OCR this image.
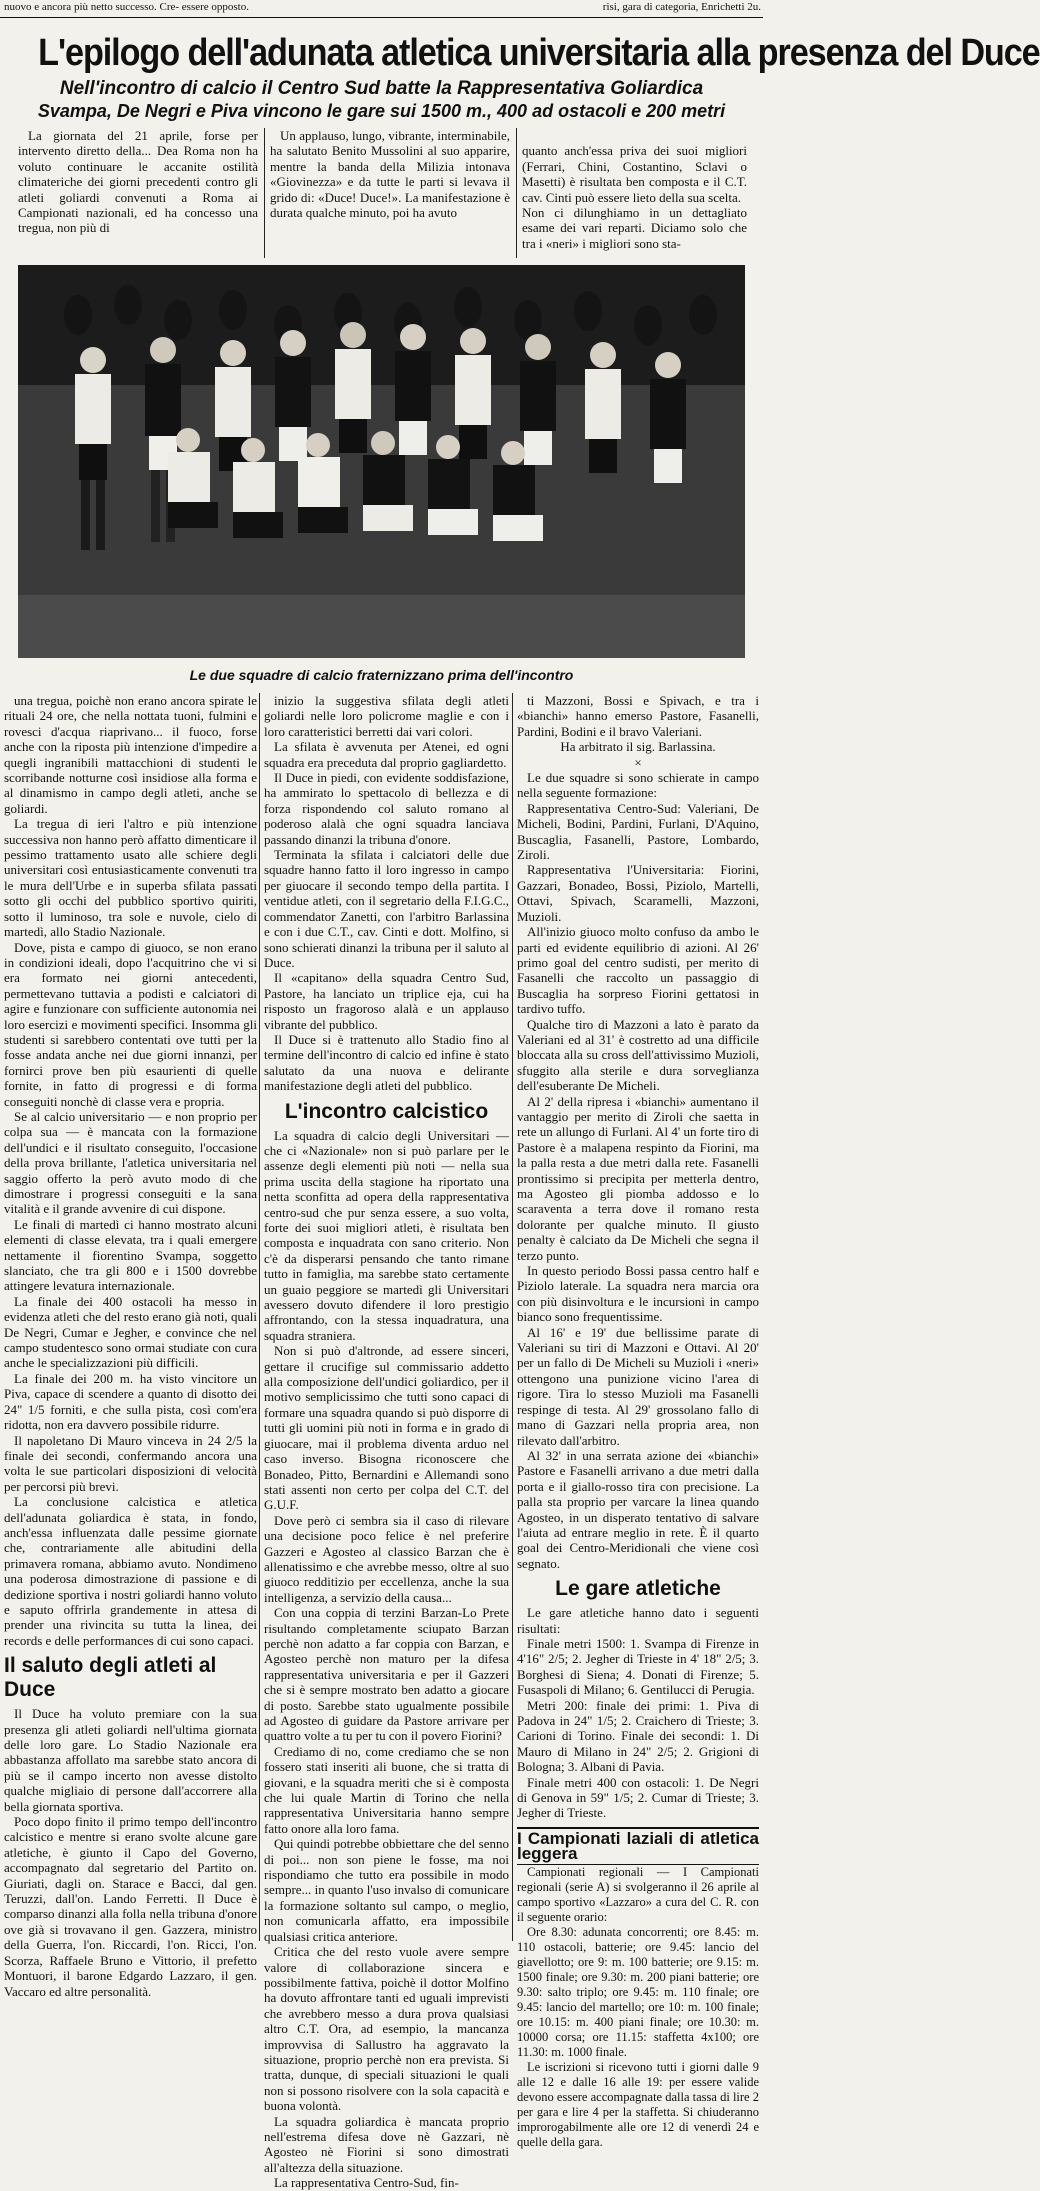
nuovo e ancora più netto successo. Cre- essere opposto.	risi, gara di categoria, Enrichetti 2u.
L'epilogo dell'adunata atletica universitaria alla presenza del Duce
Nell'incontro di calcio il Centro Sud batte la Rappresentativa Goliardica
Svampa, De Negri e Piva vincono le gare sui 1500 m., 400 ad ostacoli e 200 metri

La giornata del 21 aprile, forse per intervento diretto della... Dea Roma non ha voluto continuare le accanite ostilità climateriche dei giorni precedenti contro gli atleti goliardi convenuti a Roma ai Campionati nazionali, ed ha concesso una tregua, non più di

Un applauso, lungo, vibrante, interminabile, ha salutato Benito Mussolini al suo apparire, mentre la banda della Milizia intonava «Giovinezza» e da tutte le parti si levava il grido di: «Duce! Duce!». La manifestazione è durata qualche minuto, poi ha avuto

quanto anch'essa priva dei suoi migliori (Ferrari, Chini, Costantino, Sclavi o Masetti) è risultata ben composta e il C.T. cav. Cinti può essere lieto della sua scelta.
Non ci dilunghiamo in un dettagliato esame dei vari reparti. Diciamo solo che tra i «neri» i migliori sono sta-

Le due squadre di calcio fraternizzano prima dell'incontro

una tregua, poichè non erano ancora spirate le rituali 24 ore, che nella nottata tuoni, fulmini e rovesci d'acqua riaprivano... il fuoco, forse anche con la riposta più intenzione d'impedire a quegli ingranibili mattacchioni di studenti le scorribande notturne così insidiose alla forma e al dinamismo in campo degli atleti, anche se goliardi.

La tregua di ieri l'altro e più intenzione successiva non hanno però affatto dimenticare il pessimo trattamento usato alle schiere degli universitari così entusiasticamente convenuti tra le mura dell'Urbe e in superba sfilata passati sotto gli occhi del pubblico sportivo quiriti, sotto il luminoso, tra sole e nuvole, cielo di martedì, allo Stadio Nazionale.

Dove, pista e campo di giuoco, se non erano in condizioni ideali, dopo l'acquitrino che vi si era formato nei giorni antecedenti, permettevano tuttavia a podisti e calciatori di agire e funzionare con sufficiente autonomia nei loro esercizi e movimenti specifici. Insomma gli studenti si sarebbero contentati ove tutti per la fosse andata anche nei due giorni innanzi, per fornirci prove ben più esaurienti di quelle fornite, in fatto di progressi e di forma conseguiti nonchè di classe vera e propria.

Se al calcio universitario — e non proprio per colpa sua — è mancata con la formazione dell'undici e il risultato conseguito, l'occasione della prova brillante, l'atletica universitaria nel saggio offerto la però avuto modo di che dimostrare i progressi conseguiti e la sana vitalità e il grande avvenire di cui dispone.

Le finali di martedì ci hanno mostrato alcuni elementi di classe elevata, tra i quali emergere nettamente il fiorentino Svampa, soggetto slanciato, che tra gli 800 e i 1500 dovrebbe attingere levatura internazionale.

La finale dei 400 ostacoli ha messo in evidenza atleti che del resto erano già noti, quali De Negri, Cumar e Jegher, e convince che nel campo studentesco sono ormai studiate con cura anche le specializzazioni più difficili.

La finale dei 200 m. ha visto vincitore un Piva, capace di scendere a quanto di disotto dei 24" 1/5 forniti, e che sulla pista, così com'era ridotta, non era davvero possibile ridurre.

Il napoletano Di Mauro vinceva in 24 2/5 la finale dei secondi, confermando ancora una volta le sue particolari disposizioni di velocità per percorsi più brevi.

La conclusione calcistica e atletica dell'adunata goliardica è stata, in fondo, anch'essa influenzata dalle pessime giornate che, contrariamente alle abitudini della primavera romana, abbiamo avuto. Nondimeno una poderosa dimostrazione di passione e di dedizione sportiva i nostri goliardi hanno voluto e saputo offrirla grandemente in attesa di prender una rivincita su tutta la linea, dei records e delle performances di cui sono capaci.

Il saluto degli atleti al Duce

Il Duce ha voluto premiare con la sua presenza gli atleti goliardi nell'ultima giornata delle loro gare. Lo Stadio Nazionale era abbastanza affollato ma sarebbe stato ancora di più se il campo incerto non avesse distolto qualche migliaio di persone dall'accorrere alla bella giornata sportiva.

Poco dopo finito il primo tempo dell'incontro calcistico e mentre si erano svolte alcune gare atletiche, è giunto il Capo del Governo, accompagnato dal segretario del Partito on. Giuriati, dagli on. Starace e Bacci, dal gen. Teruzzi, dall'on. Lando Ferretti. Il Duce è comparso dinanzi alla folla nella tribuna d'onore ove già si trovavano il gen. Gazzera, ministro della Guerra, l'on. Riccardi, l'on. Ricci, l'on. Scorza, Raffaele Bruno e Vittorio, il prefetto Montuori, il barone Edgardo Lazzaro, il gen. Vaccaro ed altre personalità.

inizio la suggestiva sfilata degli atleti goliardi nelle loro policrome maglie e con i loro caratteristici berretti dai vari colori.

La sfilata è avvenuta per Atenei, ed ogni squadra era preceduta dal proprio gagliardetto.

Il Duce in piedi, con evidente soddisfazione, ha ammirato lo spettacolo di bellezza e di forza rispondendo col saluto romano al poderoso alalà che ogni squadra lanciava passando dinanzi la tribuna d'onore.

Terminata la sfilata i calciatori delle due squadre hanno fatto il loro ingresso in campo per giuocare il secondo tempo della partita. I ventidue atleti, con il segretario della F.I.G.C., commendator Zanetti, con l'arbitro Barlassina e con i due C.T., cav. Cinti e dott. Molfino, si sono schierati dinanzi la tribuna per il saluto al Duce.

Il «capitano» della squadra Centro Sud, Pastore, ha lanciato un triplice eja, cui ha risposto un fragoroso alalà e un applauso vibrante del pubblico.

Il Duce si è trattenuto allo Stadio fino al termine dell'incontro di calcio ed infine è stato salutato da una nuova e delirante manifestazione degli atleti del pubblico.

L'incontro calcistico

La squadra di calcio degli Universitari — che ci «Nazionale» non si può parlare per le assenze degli elementi più noti — nella sua prima uscita della stagione ha riportato una netta sconfitta ad opera della rappresentativa centro-sud che pur senza essere, a suo volta, forte dei suoi migliori atleti, è risultata ben composta e inquadrata con sano criterio. Non c'è da disperarsi pensando che tanto rimane tutto in famiglia, ma sarebbe stato certamente un guaio peggiore se martedì gli Universitari avessero dovuto difendere il loro prestigio affrontando, con la stessa inquadratura, una squadra straniera.

Non si può d'altronde, ad essere sinceri, gettare il crucifige sul commissario addetto alla composizione dell'undici goliardico, per il motivo semplicissimo che tutti sono capaci di formare una squadra quando si può disporre di tutti gli uomini più noti in forma e in grado di giuocare, mai il problema diventa arduo nel caso inverso. Bisogna riconoscere che Bonadeo, Pitto, Bernardini e Allemandi sono stati assenti non certo per colpa del C.T. del G.U.F.

Dove però ci sembra sia il caso di rilevare una decisione poco felice è nel preferire Gazzeri e Agosteo al classico Barzan che è allenatissimo e che avrebbe messo, oltre al suo giuoco redditizio per eccellenza, anche la sua intelligenza, a servizio della causa...

Con una coppia di terzini Barzan-Lo Prete risultando completamente sciupato Barzan perchè non adatto a far coppia con Barzan, e Agosteo perchè non maturo per la difesa rappresentativa universitaria e per il Gazzeri che si è sempre mostrato ben adatto a giocare di posto. Sarebbe stato ugualmente possibile ad Agosteo di guidare da Pastore arrivare per quattro volte a tu per tu con il povero Fiorini?

Crediamo di no, come crediamo che se non fossero stati inseriti ali buone, che si tratta di giovani, e la squadra meriti che si è composta che lui quale Martin di Torino che nella rappresentativa Universitaria hanno sempre fatto onore alla loro fama.

Qui quindi potrebbe obbiettare che del senno di poi... non son piene le fosse, ma noi rispondiamo che tutto era possibile in modo sempre... in quanto l'uso invalso di comunicare la formazione soltanto sul campo, o meglio, non comunicarla affatto, era impossibile qualsiasi critica anteriore.

Critica che del resto vuole avere sempre valore di collaborazione sincera e possibilmente fattiva, poichè il dottor Molfino ha dovuto affrontare tanti ed uguali imprevisti che avrebbero messo a dura prova qualsiasi altro C.T. Ora, ad esempio, la mancanza improvvisa di Sallustro ha aggravato la situazione, proprio perchè non era prevista. Si tratta, dunque, di speciali situazioni le quali non si possono risolvere con la sola capacità e buona volontà.

La squadra goliardica è mancata proprio nell'estrema difesa dove nè Gazzari, nè Agosteo nè Fiorini si sono dimostrati all'altezza della situazione.

La rappresentativa Centro-Sud, fin-

ti Mazzoni, Bossi e Spivach, e tra i «bianchi» hanno emerso Pastore, Fasanelli, Pardini, Bodini e il bravo Valeriani.

Ha arbitrato il sig. Barlassina.

×

Le due squadre si sono schierate in campo nella seguente formazione:

Rappresentativa Centro-Sud: Valeriani, De Micheli, Bodini, Pardini, Furlani, D'Aquino, Buscaglia, Fasanelli, Pastore, Lombardo, Ziroli.

Rappresentativa l'Universitaria: Fiorini, Gazzari, Bonadeo, Bossi, Piziolo, Martelli, Ottavi, Spivach, Scaramelli, Mazzoni, Muzioli.

All'inizio giuoco molto confuso da ambo le parti ed evidente equilibrio di azioni. Al 26' primo goal del centro sudisti, per merito di Fasanelli che raccolto un passaggio di Buscaglia ha sorpreso Fiorini gettatosi in tardivo tuffo.

Qualche tiro di Mazzoni a lato è parato da Valeriani ed al 31' è costretto ad una difficile bloccata alla su cross dell'attivissimo Muzioli, sfuggito alla sterile e dura sorveglianza dell'esuberante De Micheli.

Al 2' della ripresa i «bianchi» aumentano il vantaggio per merito di Ziroli che saetta in rete un allungo di Furlani. Al 4' un forte tiro di Pastore è a malapena respinto da Fiorini, ma la palla resta a due metri dalla rete. Fasanelli prontissimo si precipita per metterla dentro, ma Agosteo gli piomba addosso e lo scaraventa a terra dove il romano resta dolorante per qualche minuto. Il giusto penalty è calciato da De Micheli che segna il terzo punto.

In questo periodo Bossi passa centro half e Piziolo laterale. La squadra nera marcia ora con più disinvoltura e le incursioni in campo bianco sono frequentissime.

Al 16' e 19' due bellissime parate di Valeriani su tiri di Mazzoni e Ottavi. Al 20' per un fallo di De Micheli su Muzioli i «neri» ottengono una punizione vicino l'area di rigore. Tira lo stesso Muzioli ma Fasanelli respinge di testa. Al 29' grossolano fallo di mano di Gazzari nella propria area, non rilevato dall'arbitro.

Al 32' in una serrata azione dei «bianchi» Pastore e Fasanelli arrivano a due metri dalla porta e il giallo-rosso tira con precisione. La palla sta proprio per varcare la linea quando Agosteo, in un disperato tentativo di salvare l'aiuta ad entrare meglio in rete. È il quarto goal dei Centro-Meridionali che viene così segnato.

Le gare atletiche

Le gare atletiche hanno dato i seguenti risultati:

Finale metri 1500: 1. Svampa di Firenze in 4'16" 2/5; 2. Jegher di Trieste in 4' 18" 2/5; 3. Borghesi di Siena; 4. Donati di Firenze; 5. Fusaspoli di Milano; 6. Gentilucci di Perugia.

Metri 200: finale dei primi: 1. Piva di Padova in 24" 1/5; 2. Craichero di Trieste; 3. Carioni di Torino. Finale dei secondi: 1. Di Mauro di Milano in 24" 2/5; 2. Grigioni di Bologna; 3. Albani di Pavia.

Finale metri 400 con ostacoli: 1. De Negri di Genova in 59" 1/5; 2. Cumar di Trieste; 3. Jegher di Trieste.

I Campionati laziali di atletica leggera

Campionati regionali — I Campionati regionali (serie A) si svolgeranno il 26 aprile al campo sportivo «Lazzaro» a cura del C. R. con il seguente orario:

Ore 8.30: adunata concorrenti; ore 8.45: m. 110 ostacoli, batterie; ore 9.45: lancio del giavellotto; ore 9: m. 100 batterie; ore 9.15: m. 1500 finale; ore 9.30: m. 200 piani batterie; ore 9.30: salto triplo; ore 9.45: m. 110 finale; ore 9.45: lancio del martello; ore 10: m. 100 finale; ore 10.15: m. 400 piani finale; ore 10.30: m. 10000 corsa; ore 11.15: staffetta 4x100; ore 11.30: m. 1000 finale.

Le iscrizioni si ricevono tutti i giorni dalle 9 alle 12 e dalle 16 alle 19: per essere valide devono essere accompagnate dalla tassa di lire 2 per gara e lire 4 per la staffetta. Si chiuderanno improrogabilmente alle ore 12 di venerdì 24 e quelle della gara.
